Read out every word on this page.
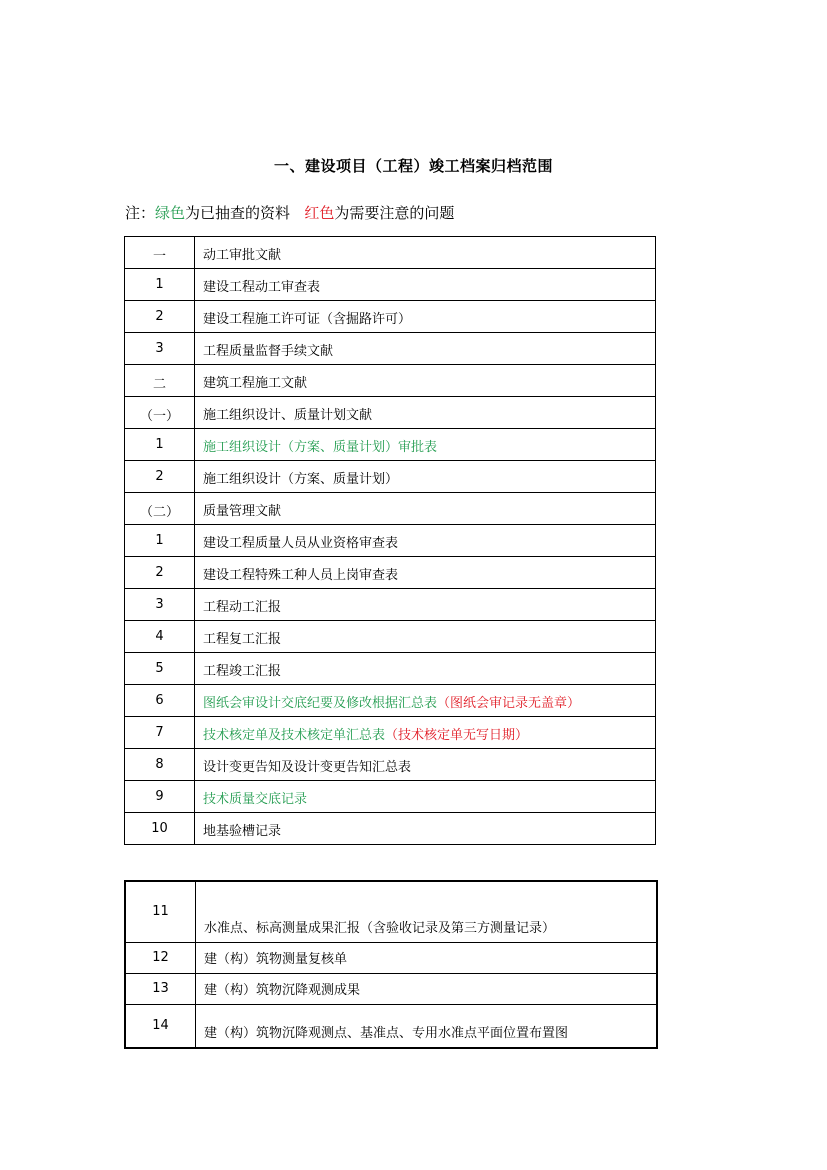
一、建设项目（工程）竣工档案归档范围
注：绿色为已抽查的资料 红色为需要注意的问题
一	动工审批文献
1	建设工程动工审查表
2	建设工程施工许可证（含掘路许可）
3	工程质量监督手续文献
二	建筑工程施工文献
（一）	施工组织设计、质量计划文献
1	施工组织设计（方案、质量计划）审批表
2	施工组织设计（方案、质量计划）
（二）	质量管理文献
1	建设工程质量人员从业资格审查表
2	建设工程特殊工种人员上岗审查表
3	工程动工汇报
4	工程复工汇报
5	工程竣工汇报
6	图纸会审设计交底纪要及修改根据汇总表（图纸会审记录无盖章）
7	技术核定单及技术核定单汇总表（技术核定单无写日期）
8	设计变更告知及设计变更告知汇总表
9	技术质量交底记录
10	地基验槽记录
11	水准点、标高测量成果汇报（含验收记录及第三方测量记录）
12	建（构）筑物测量复核单
13	建（构）筑物沉降观测成果
14	建（构）筑物沉降观测点、基准点、专用水准点平面位置布置图
